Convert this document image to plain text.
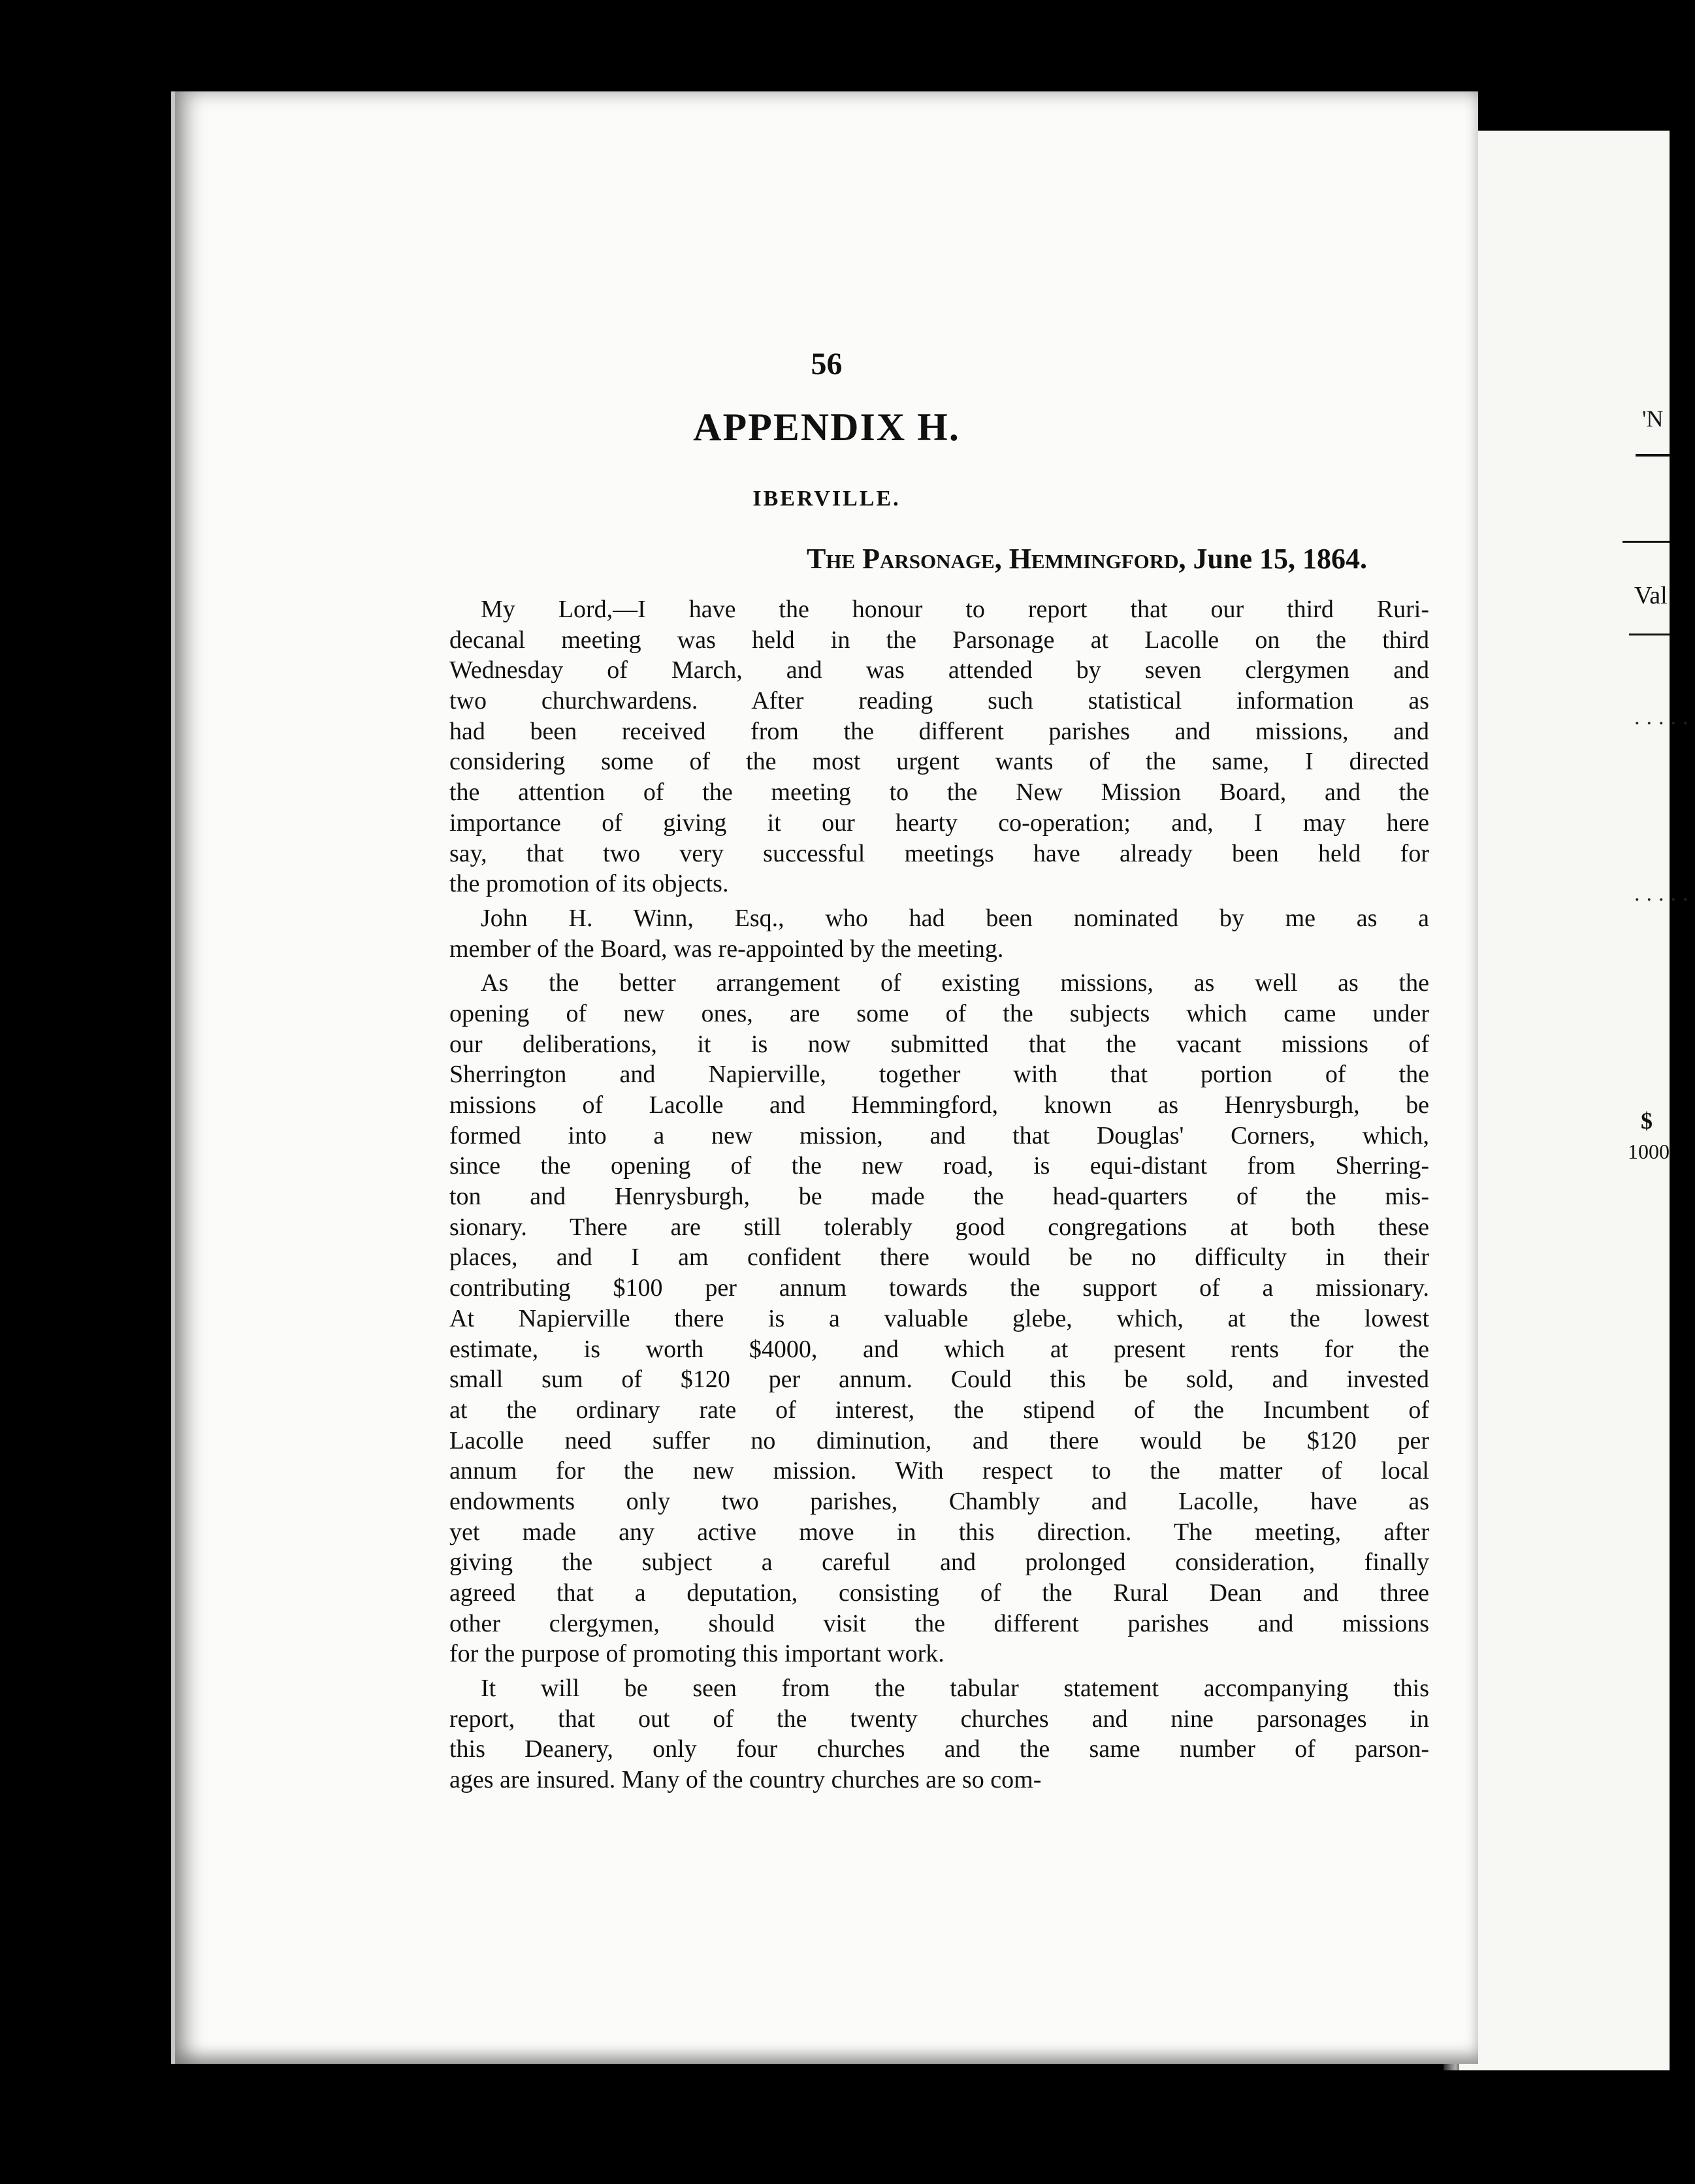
'N
Val
.....
.....
$
1000
56
APPENDIX H.
IBERVILLE.
The Parsonage, Hemmingford, June 15, 1864.
My Lord,—I have the honour to report that our third Ruri-
decanal meeting was held in the Parsonage at Lacolle on the third
Wednesday of March, and was attended by seven clergymen and
two churchwardens. After reading such statistical information as
had been received from the different parishes and missions, and
considering some of the most urgent wants of the same, I directed
the attention of the meeting to the New Mission Board, and the
importance of giving it our hearty co-operation; and, I may here
say, that two very successful meetings have already been held for
the promotion of its objects.
John H. Winn, Esq., who had been nominated by me as a
member of the Board, was re-appointed by the meeting.
As the better arrangement of existing missions, as well as the
opening of new ones, are some of the subjects which came under
our deliberations, it is now submitted that the vacant missions of
Sherrington and Napierville, together with that portion of the
missions of Lacolle and Hemmingford, known as Henrysburgh, be
formed into a new mission, and that Douglas' Corners, which,
since the opening of the new road, is equi-distant from Sherring-
ton and Henrysburgh, be made the head-quarters of the mis-
sionary. There are still tolerably good congregations at both these
places, and I am confident there would be no difficulty in their
contributing $100 per annum towards the support of a missionary.
At Napierville there is a valuable glebe, which, at the lowest
estimate, is worth $4000, and which at present rents for the
small sum of $120 per annum. Could this be sold, and invested
at the ordinary rate of interest, the stipend of the Incumbent of
Lacolle need suffer no diminution, and there would be $120 per
annum for the new mission. With respect to the matter of local
endowments only two parishes, Chambly and Lacolle, have as
yet made any active move in this direction. The meeting, after
giving the subject a careful and prolonged consideration, finally
agreed that a deputation, consisting of the Rural Dean and three
other clergymen, should visit the different parishes and missions
for the purpose of promoting this important work.
It will be seen from the tabular statement accompanying this
report, that out of the twenty churches and nine parsonages in
this Deanery, only four churches and the same number of parson-
ages are insured. Many of the country churches are so com-
